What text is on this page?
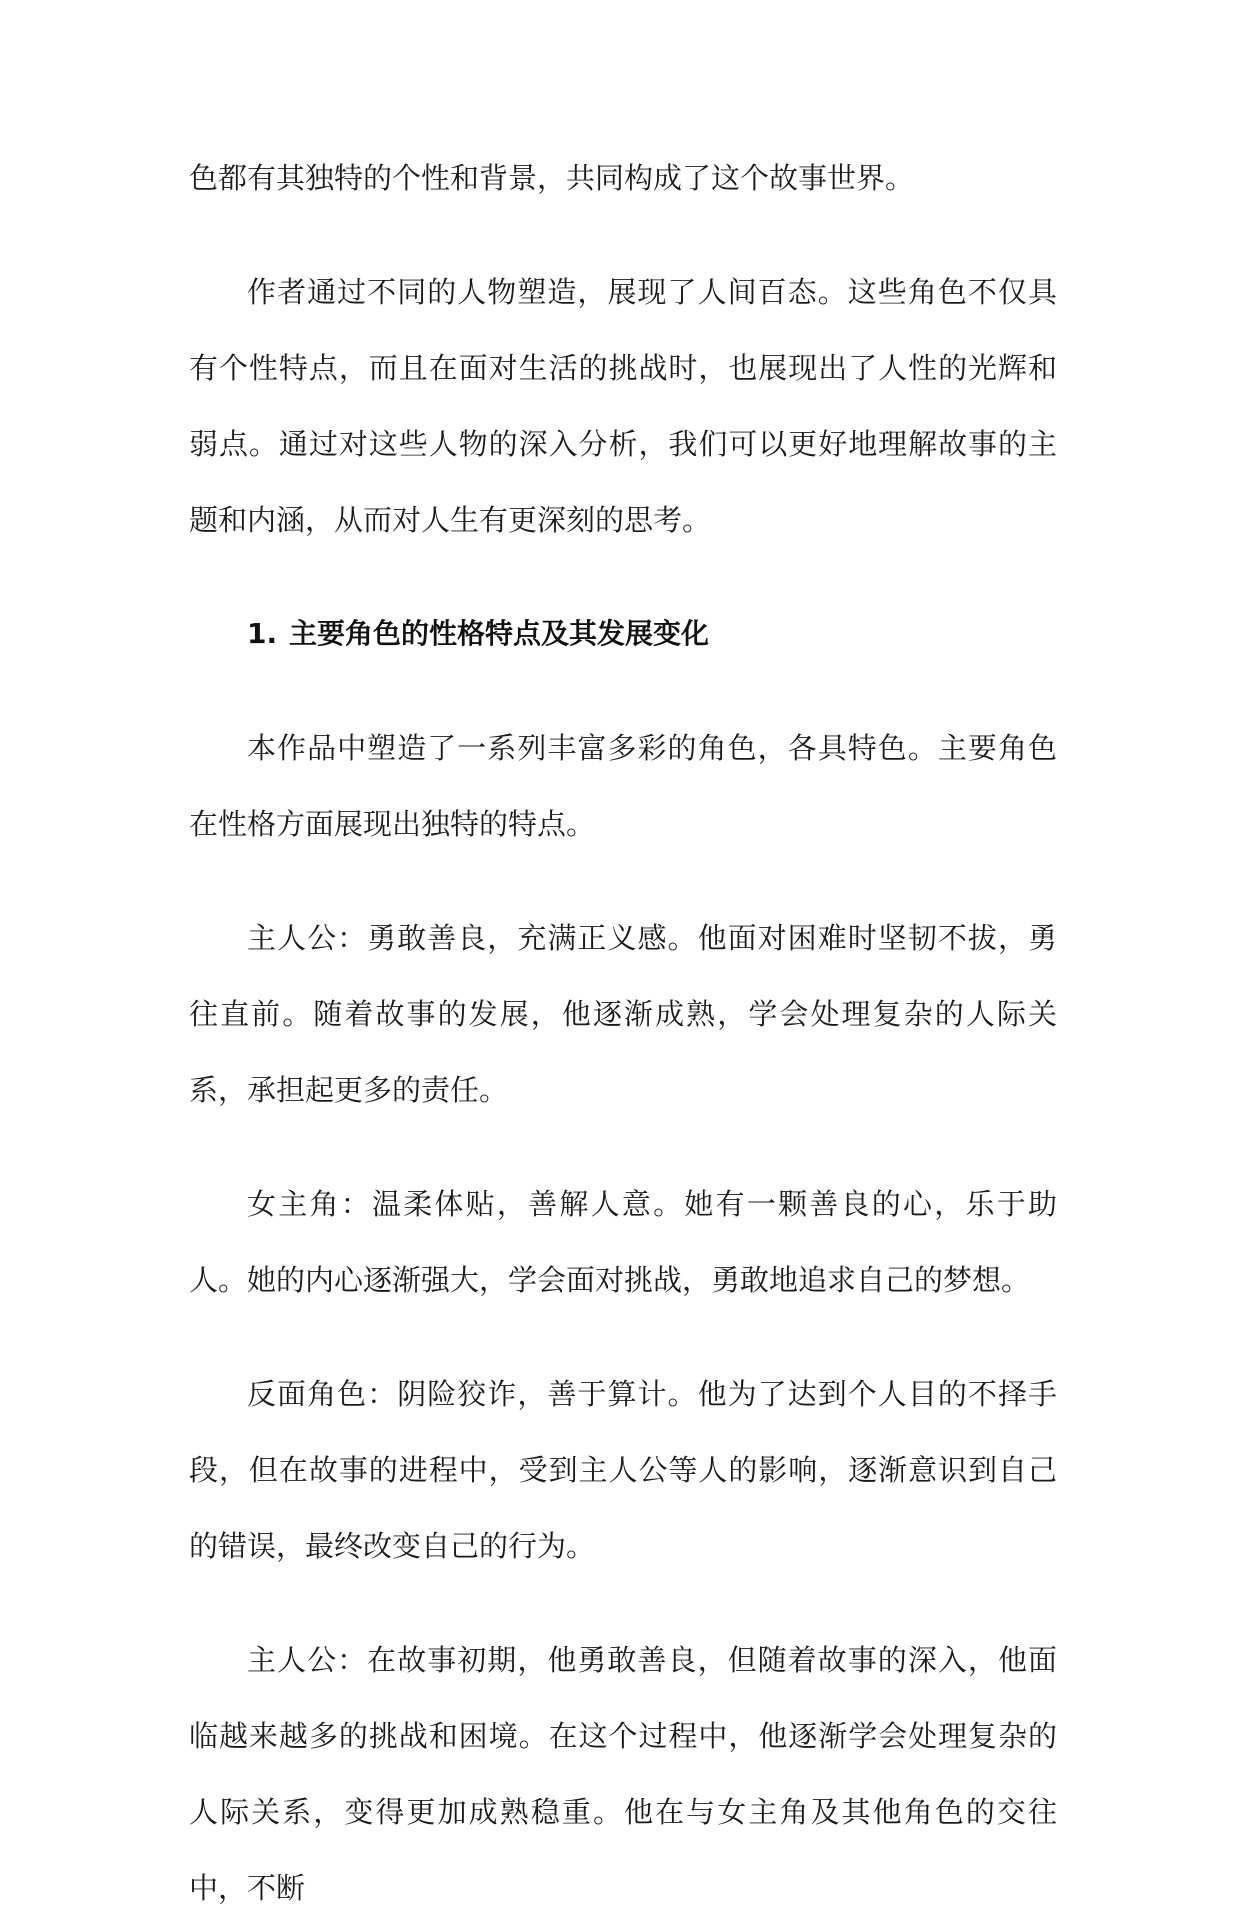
色都有其独特的个性和背景，共同构成了这个故事世界。

作者通过不同的人物塑造，展现了人间百态。这些角色不仅具有个性特点，而且在面对生活的挑战时，也展现出了人性的光辉和弱点。通过对这些人物的深入分析，我们可以更好地理解故事的主题和内涵，从而对人生有更深刻的思考。

1. 主要角色的性格特点及其发展变化

本作品中塑造了一系列丰富多彩的角色，各具特色。主要角色在性格方面展现出独特的特点。

主人公：勇敢善良，充满正义感。他面对困难时坚韧不拔，勇往直前。随着故事的发展，他逐渐成熟，学会处理复杂的人际关系，承担起更多的责任。

女主角：温柔体贴，善解人意。她有一颗善良的心，乐于助人。她的内心逐渐强大，学会面对挑战，勇敢地追求自己的梦想。

反面角色：阴险狡诈，善于算计。他为了达到个人目的不择手段，但在故事的进程中，受到主人公等人的影响，逐渐意识到自己的错误，最终改变自己的行为。

主人公：在故事初期，他勇敢善良，但随着故事的深入，他面临越来越多的挑战和困境。在这个过程中，他逐渐学会处理复杂的人际关系，变得更加成熟稳重。他在与女主角及其他角色的交往中，不断
